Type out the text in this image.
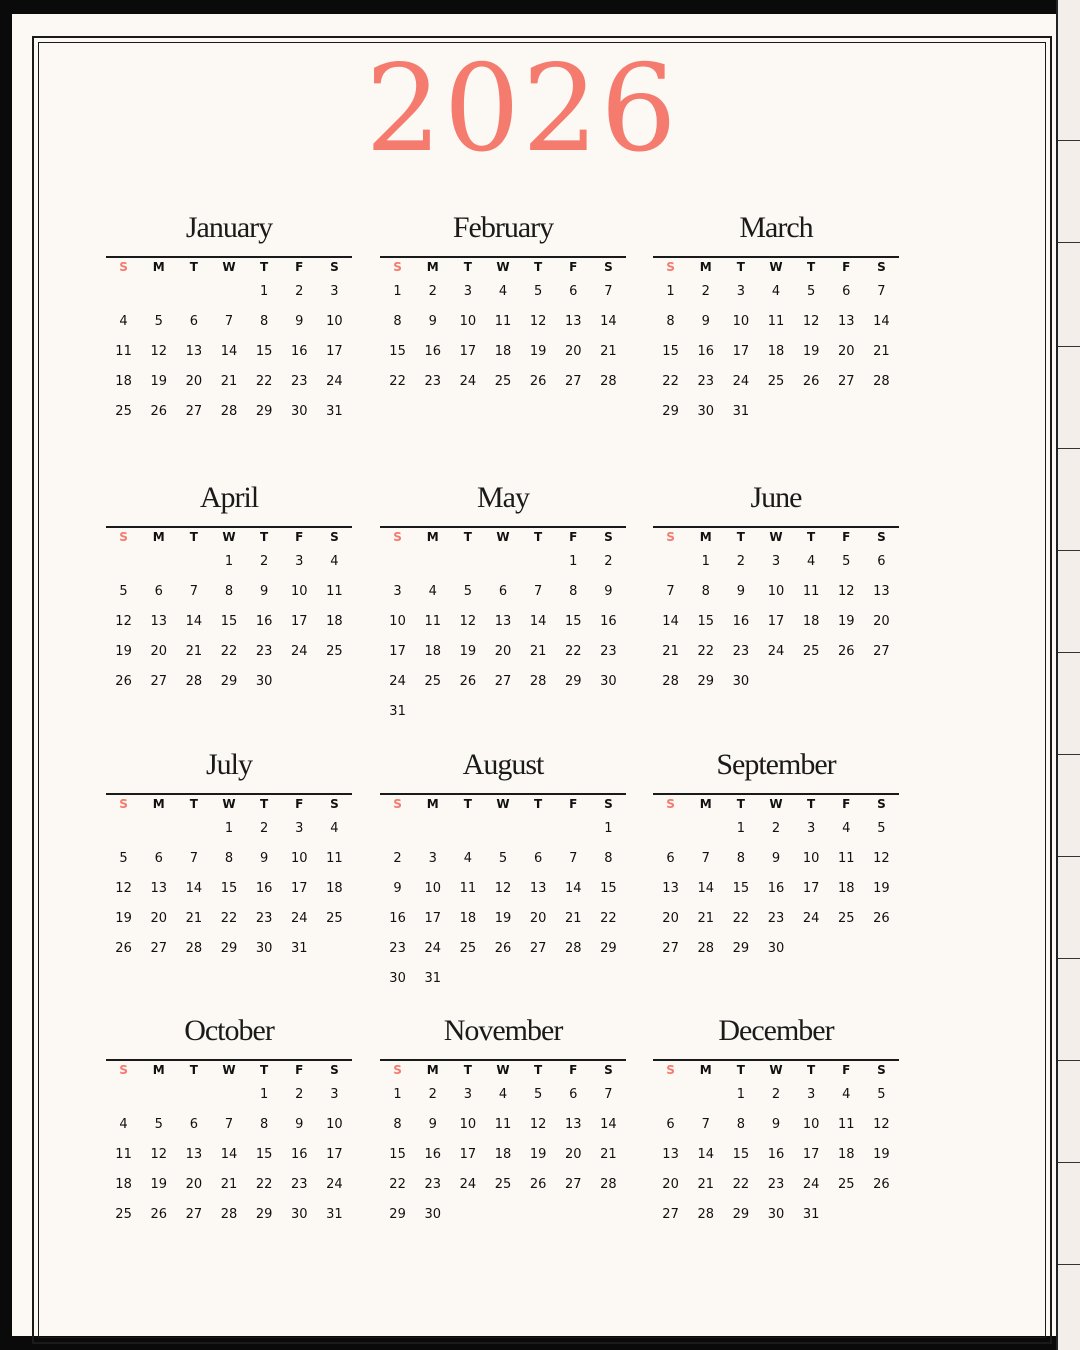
2026
January
S	M	T	W	T	F	S
				1	2	3
4	5	6	7	8	9	10
11	12	13	14	15	16	17
18	19	20	21	22	23	24
25	26	27	28	29	30	31
February
S	M	T	W	T	F	S
1	2	3	4	5	6	7
8	9	10	11	12	13	14
15	16	17	18	19	20	21
22	23	24	25	26	27	28
March
S	M	T	W	T	F	S
1	2	3	4	5	6	7
8	9	10	11	12	13	14
15	16	17	18	19	20	21
22	23	24	25	26	27	28
29	30	31				
April
S	M	T	W	T	F	S
			1	2	3	4
5	6	7	8	9	10	11
12	13	14	15	16	17	18
19	20	21	22	23	24	25
26	27	28	29	30		
May
S	M	T	W	T	F	S
					1	2
3	4	5	6	7	8	9
10	11	12	13	14	15	16
17	18	19	20	21	22	23
24	25	26	27	28	29	30
31						
June
S	M	T	W	T	F	S
	1	2	3	4	5	6
7	8	9	10	11	12	13
14	15	16	17	18	19	20
21	22	23	24	25	26	27
28	29	30				
July
S	M	T	W	T	F	S
			1	2	3	4
5	6	7	8	9	10	11
12	13	14	15	16	17	18
19	20	21	22	23	24	25
26	27	28	29	30	31	
August
S	M	T	W	T	F	S
						1
2	3	4	5	6	7	8
9	10	11	12	13	14	15
16	17	18	19	20	21	22
23	24	25	26	27	28	29
30	31					
September
S	M	T	W	T	F	S
		1	2	3	4	5
6	7	8	9	10	11	12
13	14	15	16	17	18	19
20	21	22	23	24	25	26
27	28	29	30			
October
S	M	T	W	T	F	S
				1	2	3
4	5	6	7	8	9	10
11	12	13	14	15	16	17
18	19	20	21	22	23	24
25	26	27	28	29	30	31
November
S	M	T	W	T	F	S
1	2	3	4	5	6	7
8	9	10	11	12	13	14
15	16	17	18	19	20	21
22	23	24	25	26	27	28
29	30					
December
S	M	T	W	T	F	S
		1	2	3	4	5
6	7	8	9	10	11	12
13	14	15	16	17	18	19
20	21	22	23	24	25	26
27	28	29	30	31		
